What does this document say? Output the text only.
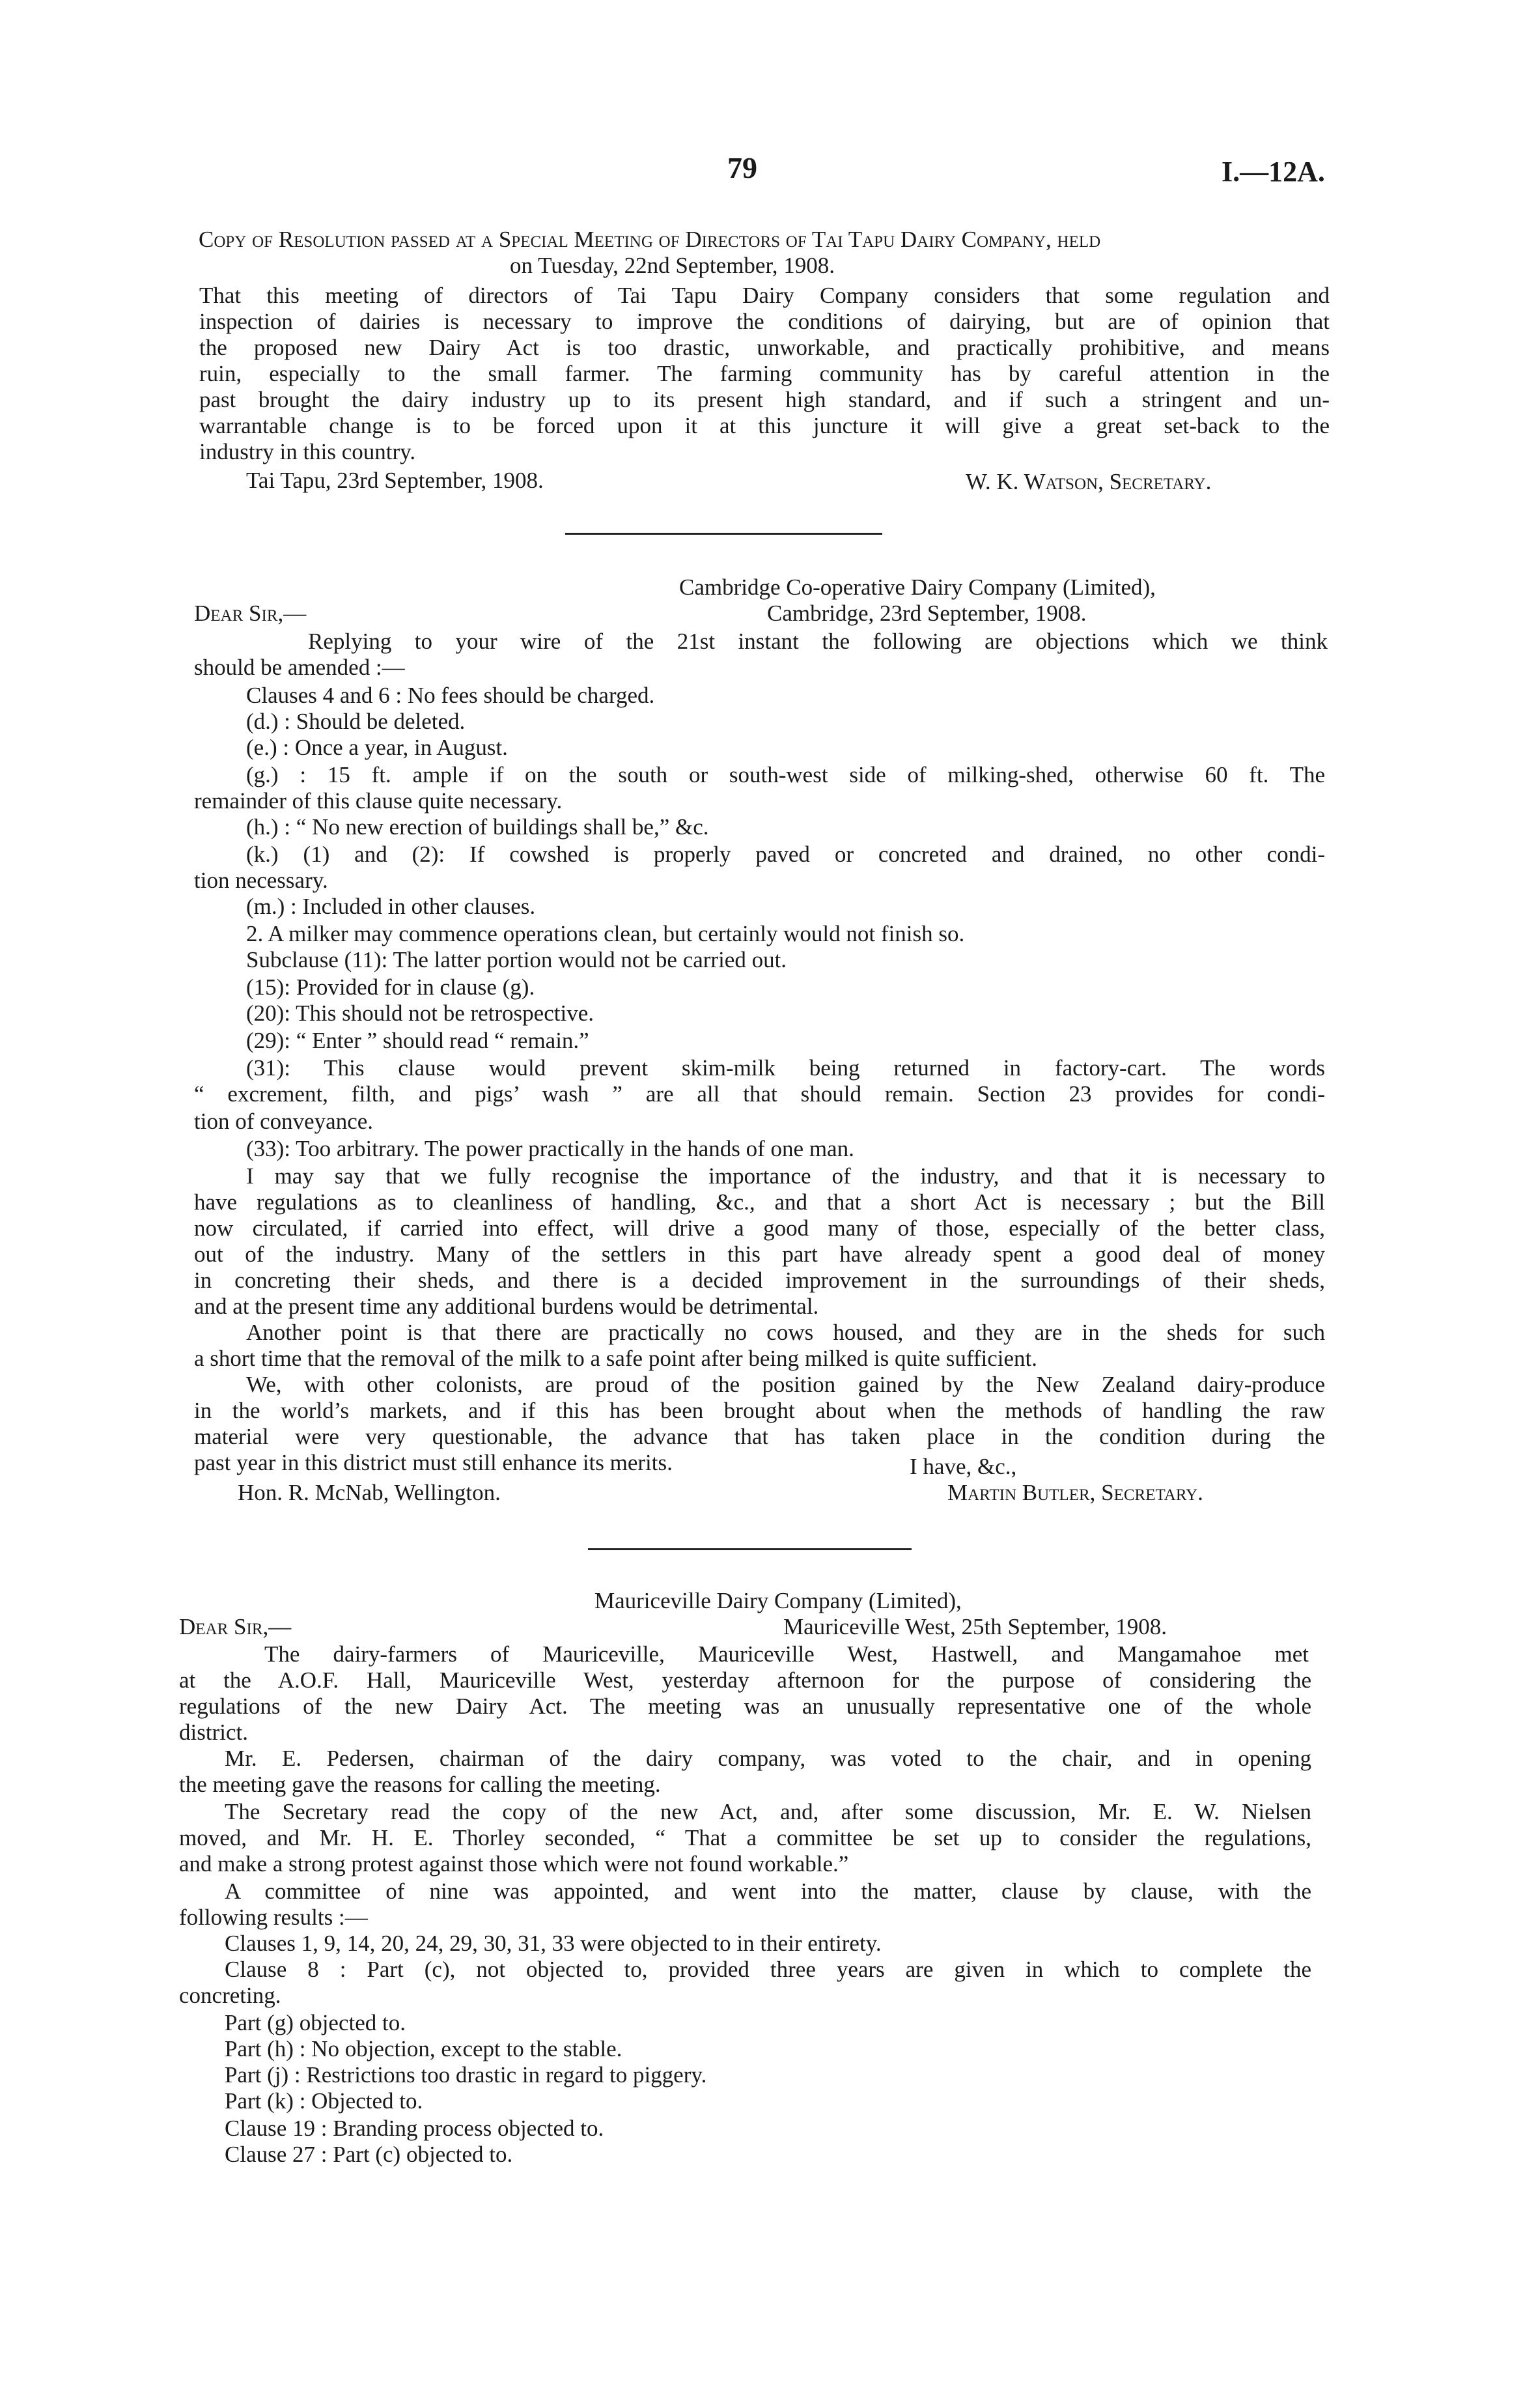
79	I.—12A.
Copy of Resolution passed at a Special Meeting of Directors of Tai Tapu Dairy Company, held
on Tuesday, 22nd September, 1908.
That this meeting of directors of Tai Tapu Dairy Company considers that some regulation and
inspection of dairies is necessary to improve the conditions of dairying, but are of opinion that
the proposed new Dairy Act is too drastic, unworkable, and practically prohibitive, and means
ruin, especially to the small farmer. The farming community has by careful attention in the
past brought the dairy industry up to its present high standard, and if such a stringent and un-
warrantable change is to be forced upon it at this juncture it will give a great set-back to the
industry in this country.
Tai Tapu, 23rd September, 1908.	W. K. Watson, Secretary.
Cambridge Co-operative Dairy Company (Limited),
Dear Sir,—	Cambridge, 23rd September, 1908.
Replying to your wire of the 21st instant the following are objections which we think
should be amended :—
Clauses 4 and 6 : No fees should be charged.
(d.) : Should be deleted.
(e.) : Once a year, in August.
(g.) : 15 ft. ample if on the south or south-west side of milking-shed, otherwise 60 ft. The
remainder of this clause quite necessary.
(h.) : “ No new erection of buildings shall be,” &c.
(k.) (1) and (2): If cowshed is properly paved or concreted and drained, no other condi-
tion necessary.
(m.) : Included in other clauses.
2. A milker may commence operations clean, but certainly would not finish so.
Subclause (11): The latter portion would not be carried out.
(15): Provided for in clause (g).
(20): This should not be retrospective.
(29): “ Enter ” should read “ remain.”
(31): This clause would prevent skim-milk being returned in factory-cart. The words
“ excrement, filth, and pigs’ wash ” are all that should remain. Section 23 provides for condi-
tion of conveyance.
(33): Too arbitrary. The power practically in the hands of one man.
I may say that we fully recognise the importance of the industry, and that it is necessary to
have regulations as to cleanliness of handling, &c., and that a short Act is necessary ; but the Bill
now circulated, if carried into effect, will drive a good many of those, especially of the better class,
out of the industry. Many of the settlers in this part have already spent a good deal of money
in concreting their sheds, and there is a decided improvement in the surroundings of their sheds,
and at the present time any additional burdens would be detrimental.
Another point is that there are practically no cows housed, and they are in the sheds for such
a short time that the removal of the milk to a safe point after being milked is quite sufficient.
We, with other colonists, are proud of the position gained by the New Zealand dairy-produce
in the world’s markets, and if this has been brought about when the methods of handling the raw
material were very questionable, the advance that has taken place in the condition during the
past year in this district must still enhance its merits.	I have, &c.,
Hon. R. McNab, Wellington.	Martin Butler, Secretary.
Mauriceville Dairy Company (Limited),
Dear Sir,—	Mauriceville West, 25th September, 1908.
The dairy-farmers of Mauriceville, Mauriceville West, Hastwell, and Mangamahoe met
at the A.O.F. Hall, Mauriceville West, yesterday afternoon for the purpose of considering the
regulations of the new Dairy Act. The meeting was an unusually representative one of the whole
district.
Mr. E. Pedersen, chairman of the dairy company, was voted to the chair, and in opening
the meeting gave the reasons for calling the meeting.
The Secretary read the copy of the new Act, and, after some discussion, Mr. E. W. Nielsen
moved, and Mr. H. E. Thorley seconded, “ That a committee be set up to consider the regulations,
and make a strong protest against those which were not found workable.”
A committee of nine was appointed, and went into the matter, clause by clause, with the
following results :—
Clauses 1, 9, 14, 20, 24, 29, 30, 31, 33 were objected to in their entirety.
Clause 8 : Part (c), not objected to, provided three years are given in which to complete the
concreting.
Part (g) objected to.
Part (h) : No objection, except to the stable.
Part (j) : Restrictions too drastic in regard to piggery.
Part (k) : Objected to.
Clause 19 : Branding process objected to.
Clause 27 : Part (c) objected to.
